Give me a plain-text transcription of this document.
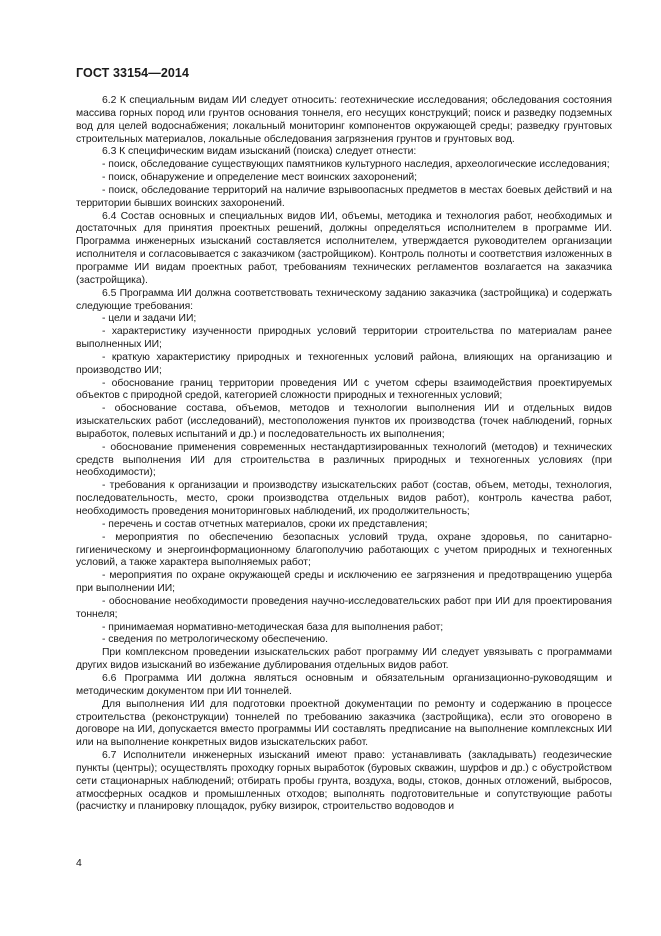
ГОСТ 33154—2014

6.2 К специальным видам ИИ следует относить: геотехнические исследования; обследования состояния массива горных пород или грунтов основания тоннеля, его несущих конструкций; поиск и разведку подземных вод для целей водоснабжения; локальный мониторинг компонентов окружающей среды; разведку грунтовых строительных материалов, локальные обследования загрязнения грунтов и грунтовых вод.

6.3 К специфическим видам изысканий (поиска) следует отнести:

- поиск, обследование существующих памятников культурного наследия, археологические исследования;

- поиск, обнаружение и определение мест воинских захоронений;

- поиск, обследование территорий на наличие взрывоопасных предметов в местах боевых действий и на территории бывших воинских захоронений.

6.4 Состав основных и специальных видов ИИ, объемы, методика и технология работ, необходимых и достаточных для принятия проектных решений, должны определяться исполнителем в программе ИИ. Программа инженерных изысканий составляется исполнителем, утверждается руководителем организации исполнителя и согласовывается с заказчиком (застройщиком). Контроль полноты и соответствия изложенных в программе ИИ видам проектных работ, требованиям технических регламентов возлагается на заказчика (застройщика).

6.5 Программа ИИ должна соответствовать техническому заданию заказчика (застройщика) и содержать следующие требования:

- цели и задачи ИИ;

- характеристику изученности природных условий территории строительства по материалам ранее выполненных ИИ;

- краткую характеристику природных и техногенных условий района, влияющих на организацию и производство ИИ;

- обоснование границ территории проведения ИИ с учетом сферы взаимодействия проектируемых объектов с природной средой, категорией сложности природных и техногенных условий;

- обоснование состава, объемов, методов и технологии выполнения ИИ и отдельных видов изыскательских работ (исследований), местоположения пунктов их производства (точек наблюдений, горных выработок, полевых испытаний и др.) и последовательность их выполнения;

- обоснование применения современных нестандартизированных технологий (методов) и технических средств выполнения ИИ для строительства в различных природных и техногенных условиях (при необходимости);

- требования к организации и производству изыскательских работ (состав, объем, методы, технология, последовательность, место, сроки производства отдельных видов работ), контроль качества работ, необходимость проведения мониторинговых наблюдений, их продолжительность;

- перечень и состав отчетных материалов, сроки их представления;

- мероприятия по обеспечению безопасных условий труда, охране здоровья, по санитарно-гигиеническому и энергоинформационному благополучию работающих с учетом природных и техногенных условий, а также характера выполняемых работ;

- мероприятия по охране окружающей среды и исключению ее загрязнения и предотвращению ущерба при выполнении ИИ;

- обоснование необходимости проведения научно-исследовательских работ при ИИ для проектирования тоннеля;

- принимаемая нормативно-методическая база для выполнения работ;

- сведения по метрологическому обеспечению.

При комплексном проведении изыскательских работ программу ИИ следует увязывать с программами других видов изысканий во избежание дублирования отдельных видов работ.

6.6 Программа ИИ должна являться основным и обязательным организационно-руководящим и методическим документом при ИИ тоннелей.

Для выполнения ИИ для подготовки проектной документации по ремонту и содержанию в процессе строительства (реконструкции) тоннелей по требованию заказчика (застройщика), если это оговорено в договоре на ИИ, допускается вместо программы ИИ составлять предписание на выполнение комплексных ИИ или на выполнение конкретных видов изыскательских работ.

6.7 Исполнители инженерных изысканий имеют право: устанавливать (закладывать) геодезические пункты (центры); осуществлять проходку горных выработок (буровых скважин, шурфов и др.) с обустройством сети стационарных наблюдений; отбирать пробы грунта, воздуха, воды, стоков, донных отложений, выбросов, атмосферных осадков и промышленных отходов; выполнять подготовительные и сопутствующие работы (расчистку и планировку площадок, рубку визирок, строительство водоводов и

4
